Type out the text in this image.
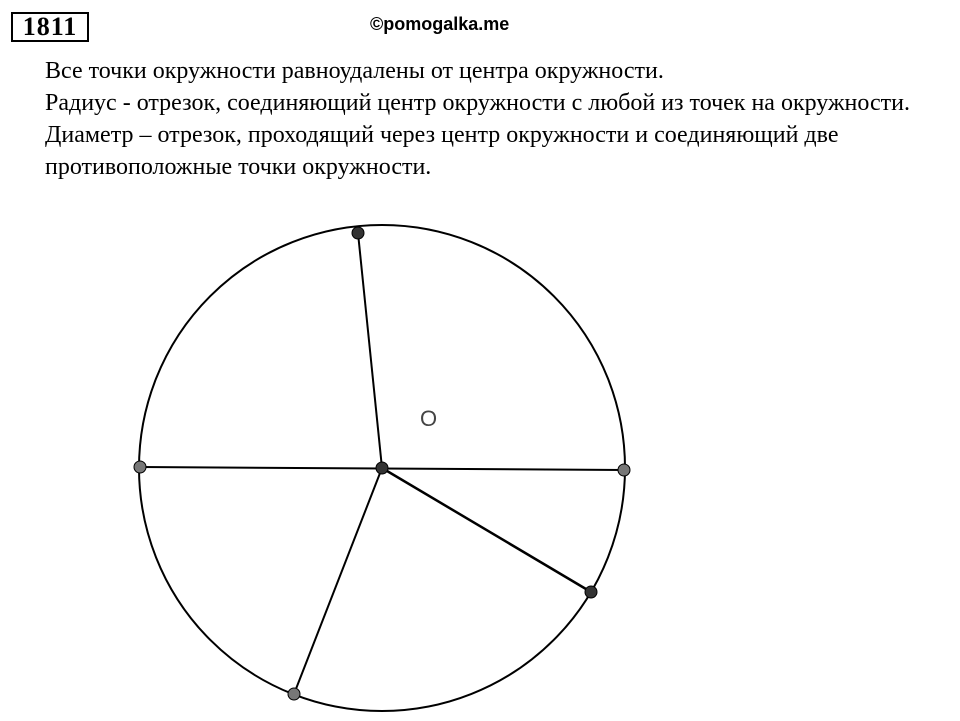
1811	©pomogalka.me

Все точки окружности равноудалены от центра окружности.

Радиус - отрезок, соединяющий центр окружности с любой из точек на окружности.

Диаметр – отрезок, проходящий через центр окружности и соединяющий две противоположные точки окружности.

O
